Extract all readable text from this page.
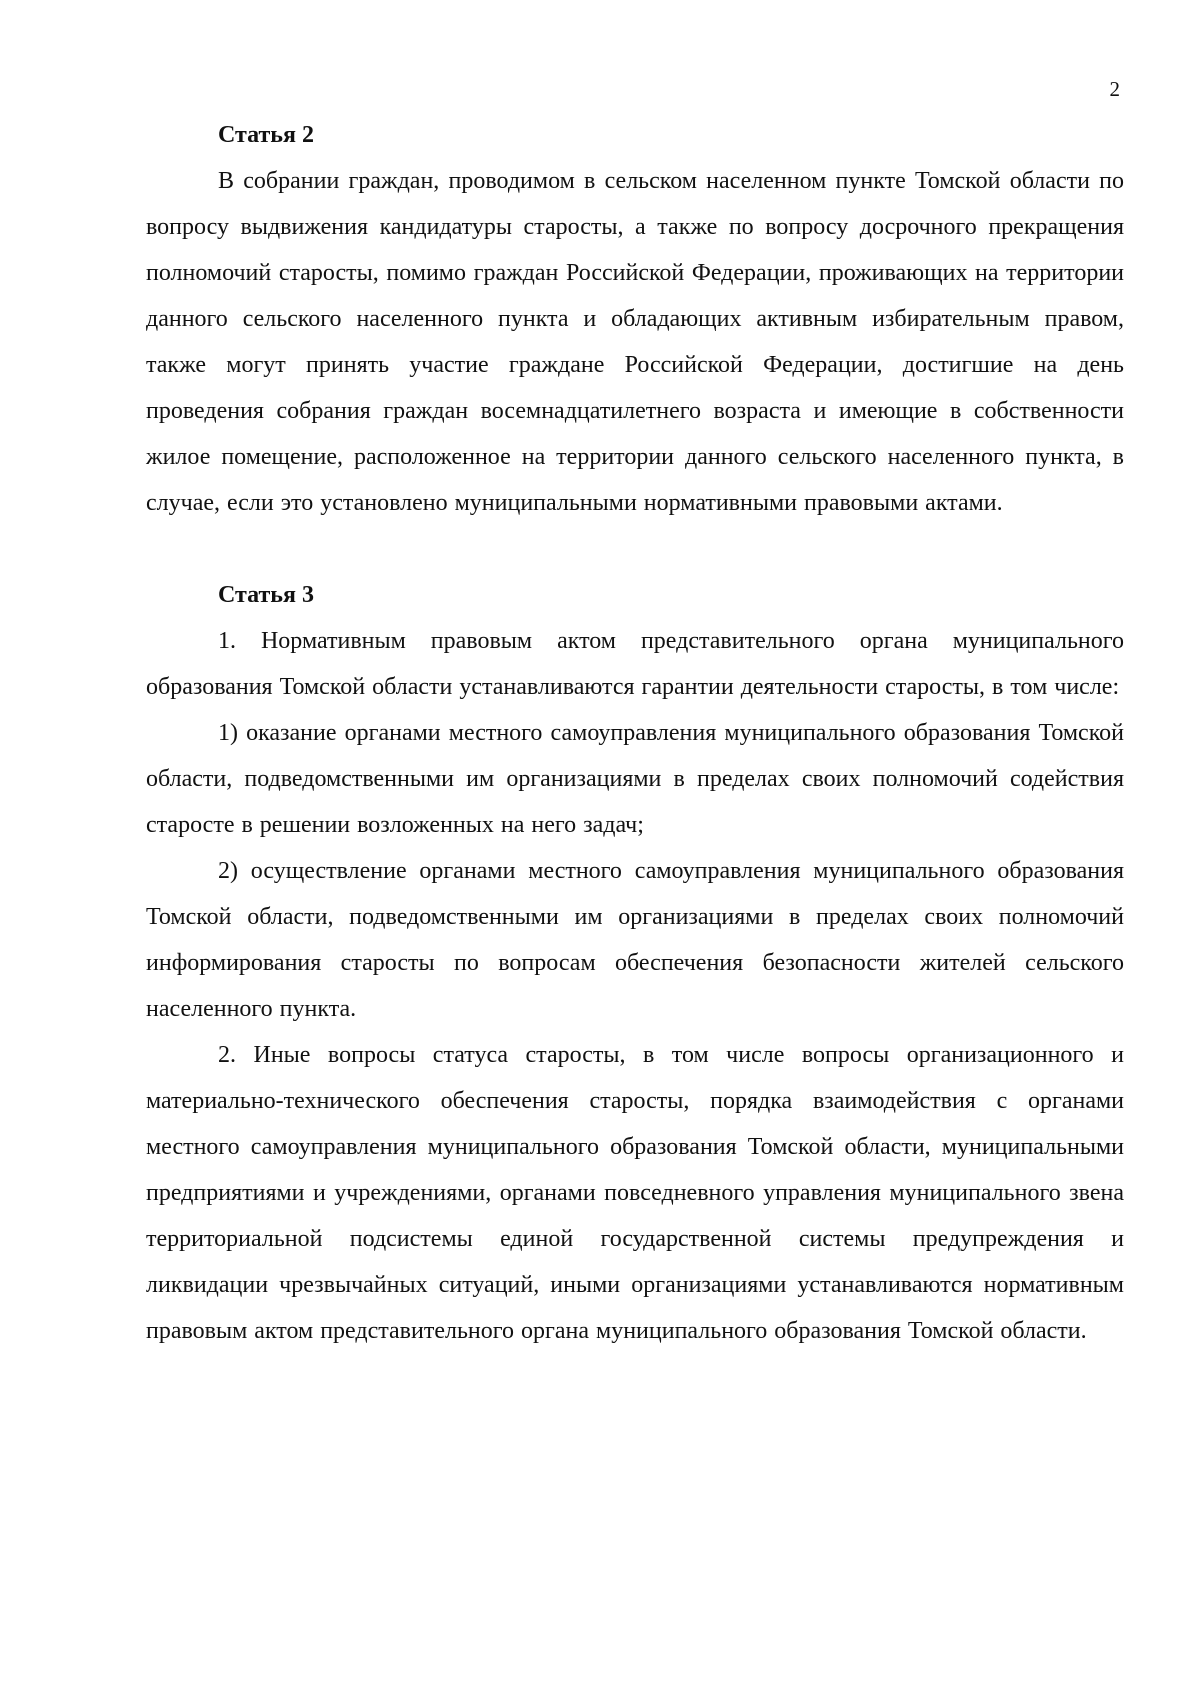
2
Статья 2

В собрании граждан, проводимом в сельском населенном пункте Томской области по вопросу выдвижения кандидатуры старосты, а также по вопросу досрочного прекращения полномочий старосты, помимо граждан Российской Федерации, проживающих на территории данного сельского населенного пункта и обладающих активным избирательным правом, также могут принять участие граждане Российской Федерации, достигшие на день проведения собрания граждан восемнадцатилетнего возраста и имеющие в собственности жилое помещение, расположенное на территории данного сельского населенного пункта, в случае, если это установлено муниципальными нормативными правовыми актами.

Статья 3

1. Нормативным правовым актом представительного органа муниципального образования Томской области устанавливаются гарантии деятельности старосты, в том числе:

1) оказание органами местного самоуправления муниципального образования Томской области, подведомственными им организациями в пределах своих полномочий содействия старосте в решении возложенных на него задач;

2) осуществление органами местного самоуправления муниципального образования Томской области, подведомственными им организациями в пределах своих полномочий информирования старосты по вопросам обеспечения безопасности жителей сельского населенного пункта.

2. Иные вопросы статуса старосты, в том числе вопросы организационного и материально-технического обеспечения старосты, порядка взаимодействия с органами местного самоуправления муниципального образования Томской области, муниципальными предприятиями и учреждениями, органами повседневного управления муниципального звена территориальной подсистемы единой государственной системы предупреждения и ликвидации чрезвычайных ситуаций, иными организациями устанавливаются нормативным правовым актом представительного органа муниципального образования Томской области.
